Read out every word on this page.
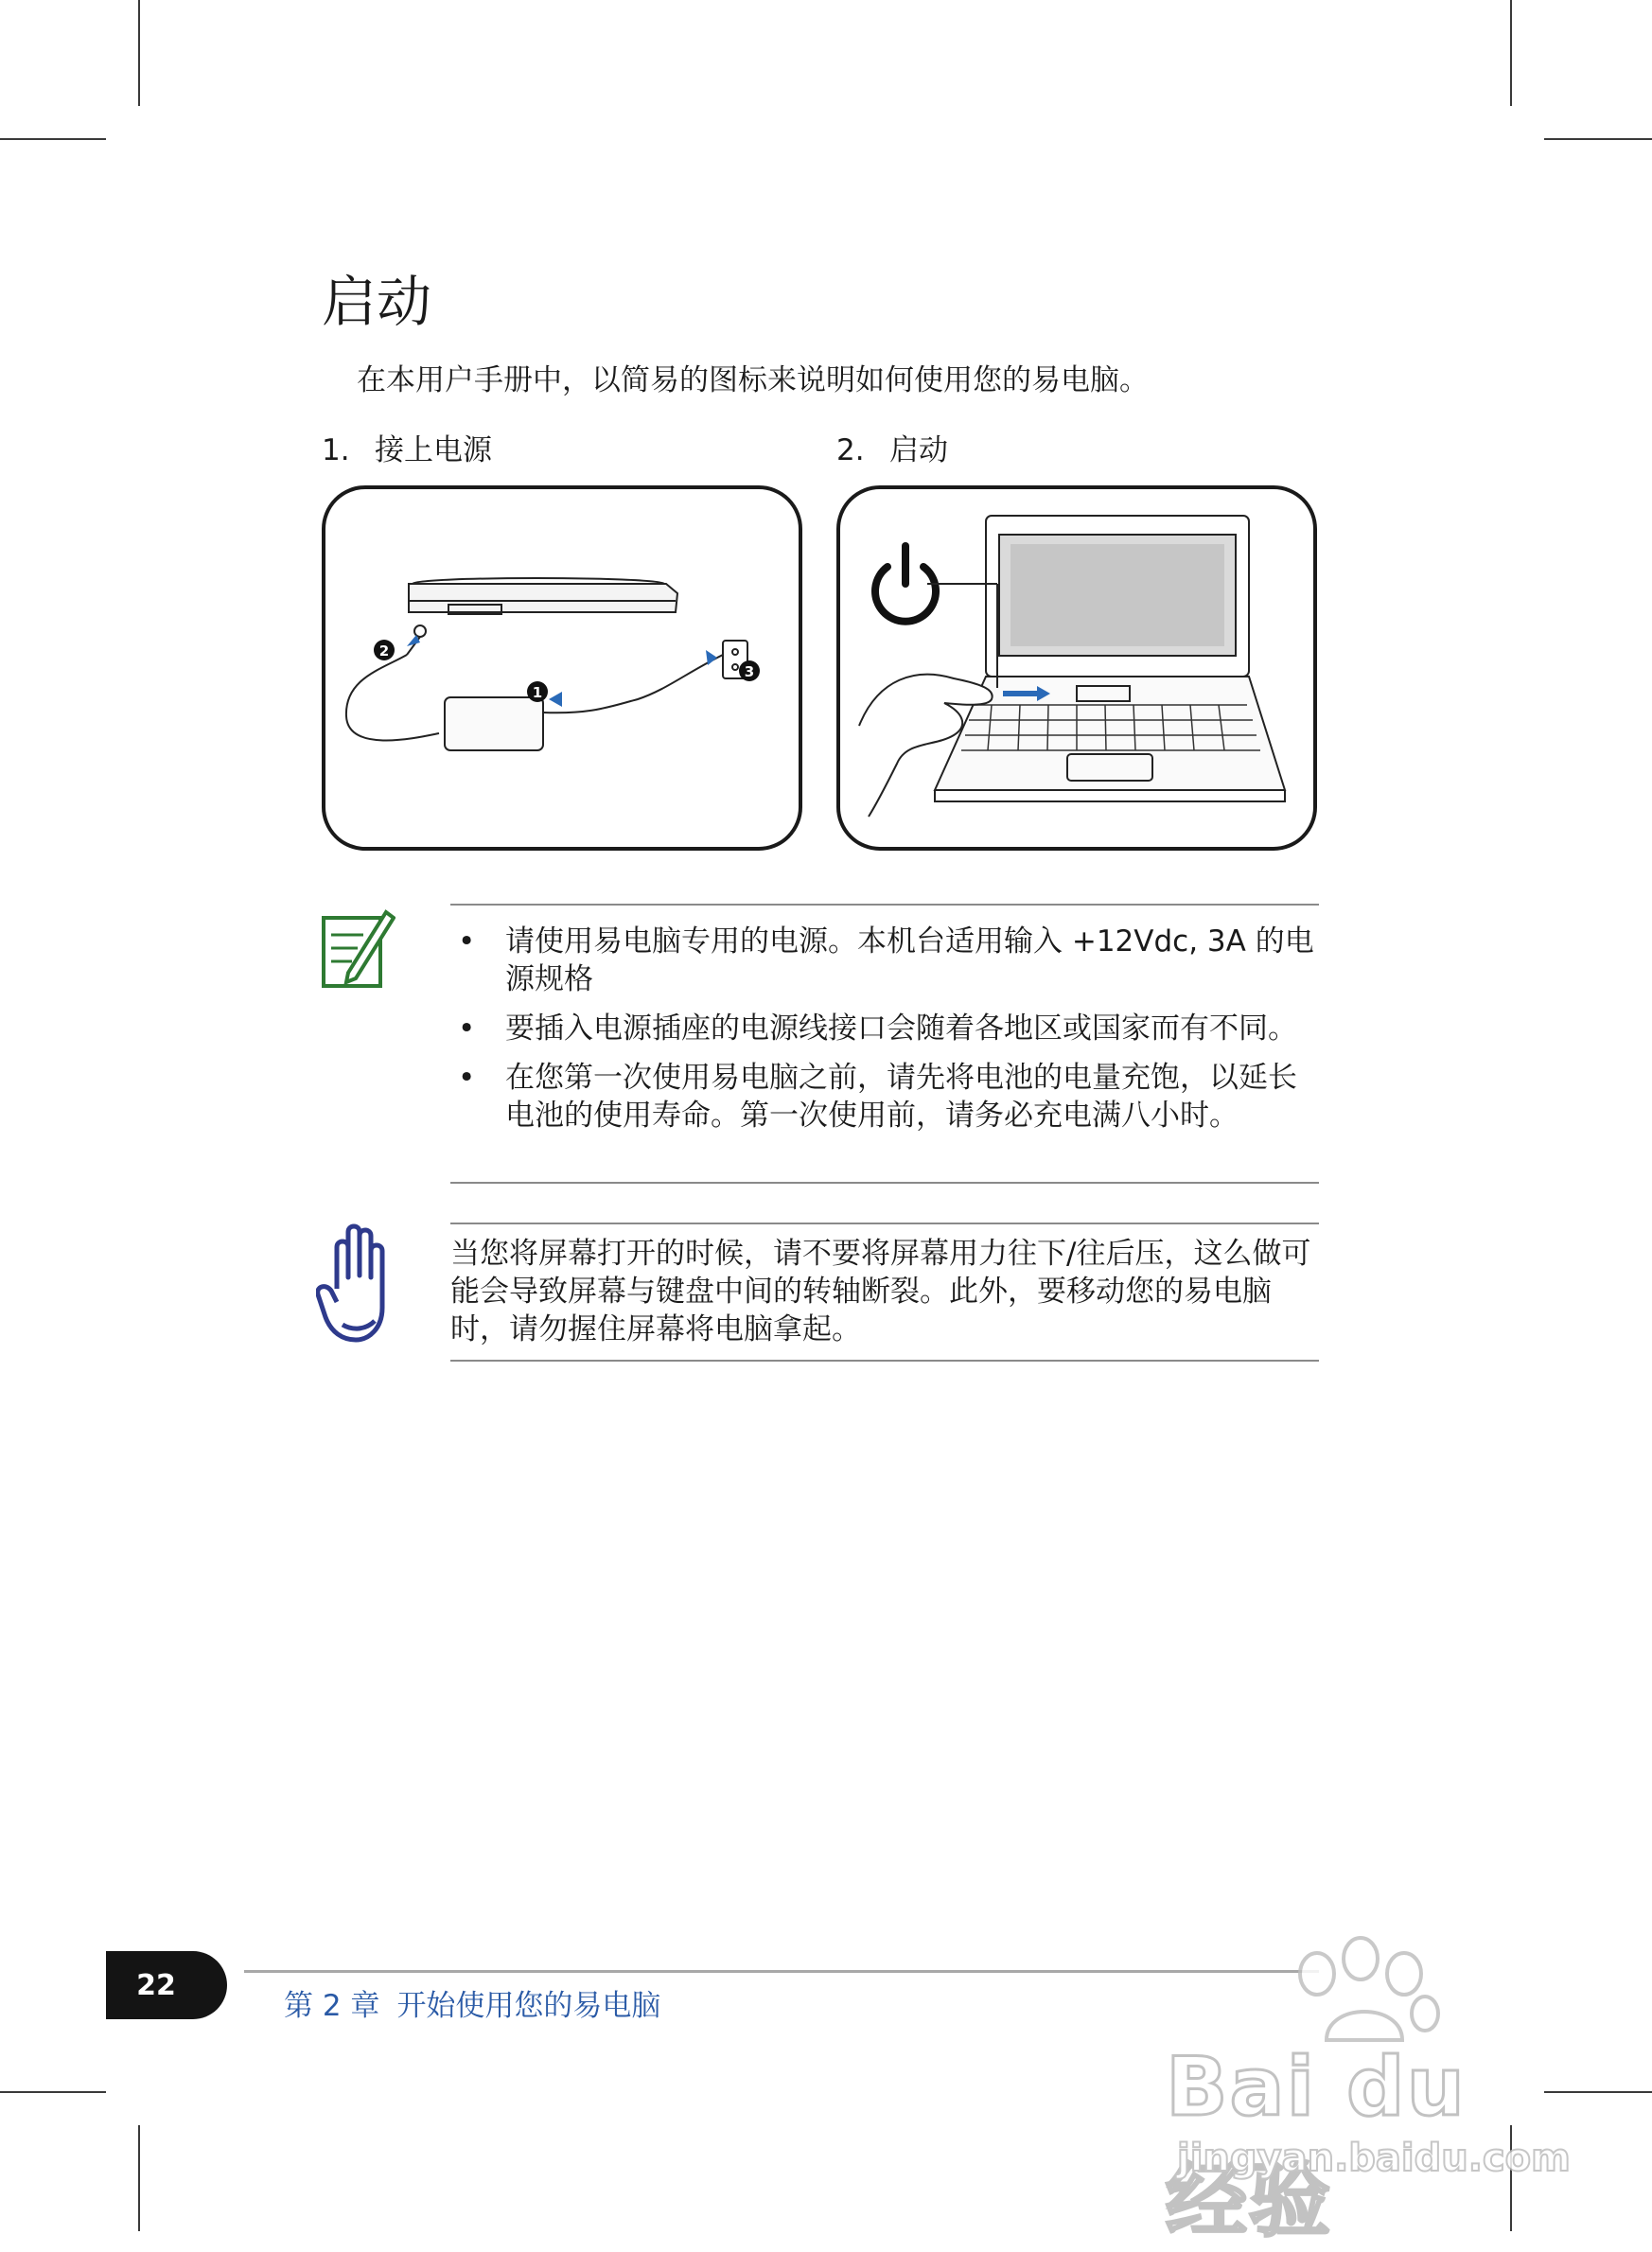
启动
在本用户手册中，以简易的图标来说明如何使用您的易电脑。
1. 接上电源	2. 启动
2
1
3
• 请使用易电脑专用的电源。本机台适用输入 +12Vdc, 3A 的电源规格
• 要插入电源插座的电源线接口会随着各地区或国家而有不同。
• 在您第一次使用易电脑之前，请先将电池的电量充饱，以延长电池的使用寿命。第一次使用前，请务必充电满八小时。
当您将屏幕打开的时候，请不要将屏幕用力往下/往后压，这么做可能会导致屏幕与键盘中间的转轴断裂。此外，要移动您的易电脑时，请勿握住屏幕将电脑拿起。
22
第 2 章 开始使用您的易电脑
Bai du 经验
jingyan.baidu.com
